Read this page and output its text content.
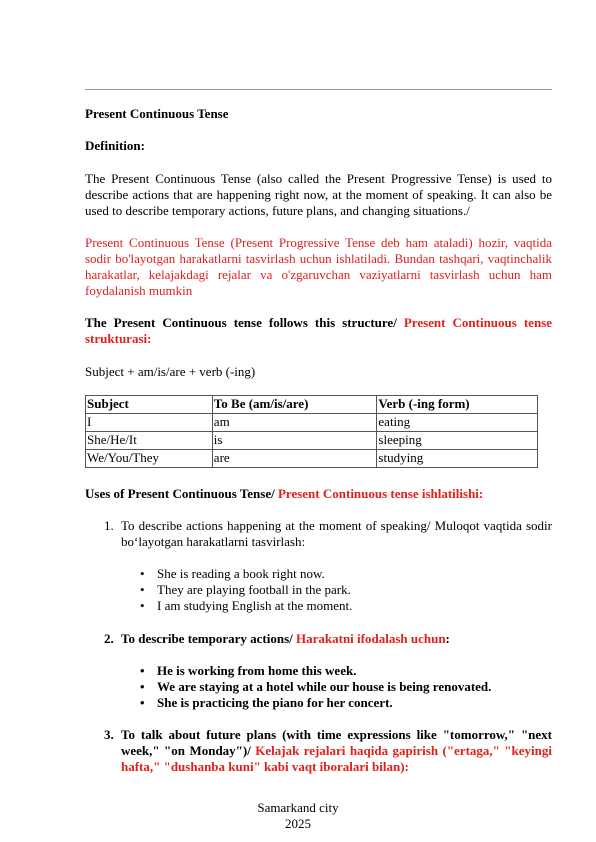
Present Continuous Tense

Definition:

The Present Continuous Tense (also called the Present Progressive Tense) is used to describe actions that are happening right now, at the moment of speaking. It can also be used to describe temporary actions, future plans, and changing situations./

Present Continuous Tense (Present Progressive Tense deb ham ataladi) hozir, vaqtida sodir bo'layotgan harakatlarni tasvirlash uchun ishlatiladi. Bundan tashqari, vaqtinchalik harakatlar, kelajakdagi rejalar va o'zgaruvchan vaziyatlarni tasvirlash uchun ham foydalanish mumkin

The Present Continuous tense follows this structure/ Present Continuous tense strukturasi:

Subject + am/is/are + verb (-ing)

Subject	To Be (am/is/are)	Verb (-ing form)
I	am	eating
She/He/It	is	sleeping
We/You/They	are	studying

Uses of Present Continuous Tense/ Present Continuous tense ishlatilishi:

1. To describe actions happening at the moment of speaking/ Muloqot vaqtida sodir bo‘layotgan harakatlarni tasvirlash:
• She is reading a book right now.
• They are playing football in the park.
• I am studying English at the moment.
2. To describe temporary actions/ Harakatni ifodalash uchun:
• He is working from home this week.
• We are staying at a hotel while our house is being renovated.
• She is practicing the piano for her concert.
3. To talk about future plans (with time expressions like "tomorrow," "next week," "on Monday")/ Kelajak rejalari haqida gapirish ("ertaga," "keyingi hafta," "dushanba kuni" kabi vaqt iboralari bilan):
Samarkand city
2025
